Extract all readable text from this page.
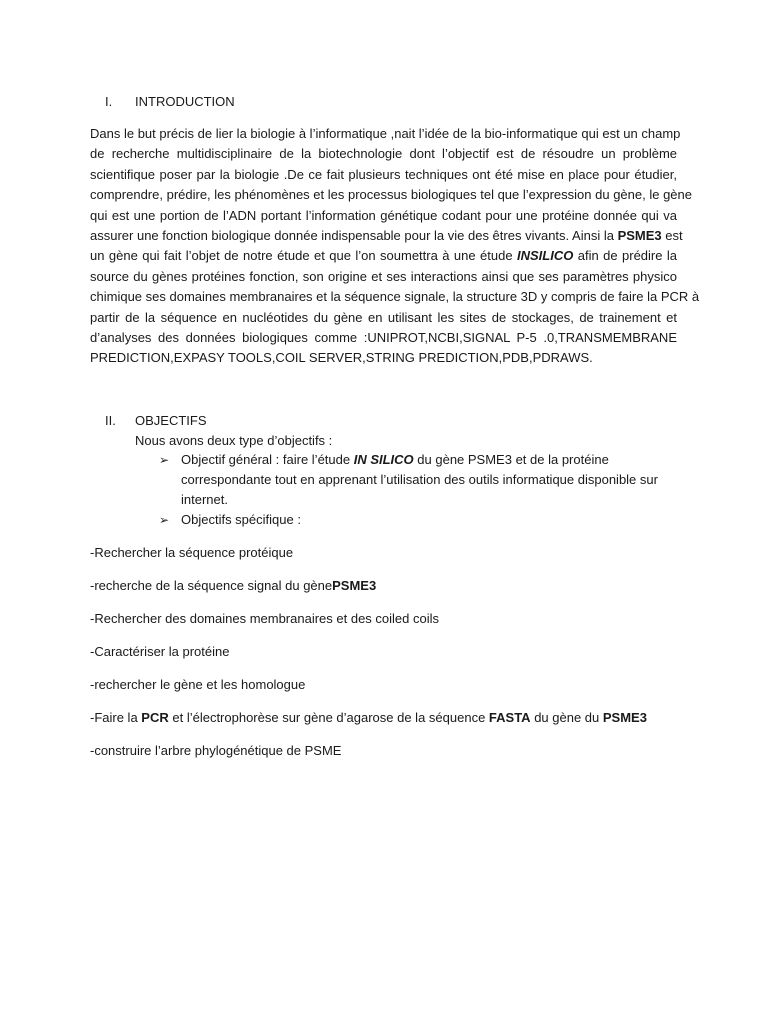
I. INTRODUCTION
Dans le but précis de lier la biologie à l’informatique ,nait l’idée de la bio-informatique qui est un champ
de recherche multidisciplinaire de la biotechnologie dont l’objectif est de résoudre un problème
scientifique poser par la biologie .De ce fait plusieurs techniques ont été mise en place pour étudier,
comprendre, prédire, les phénomènes et les processus biologiques tel que l’expression du gène, le gène
qui est une portion de l’ADN portant l’information génétique codant pour une protéine donnée qui va
assurer une fonction biologique donnée indispensable pour la vie des êtres vivants. Ainsi la PSME3 est
un gène qui fait l’objet de notre étude et que l’on soumettra à une étude INSILICO afin de prédire la
source du gènes protéines fonction, son origine et ses interactions ainsi que ses paramètres physico
chimique ses domaines membranaires et la séquence signale, la structure 3D y compris de faire la PCR à
partir de la séquence en nucléotides du gène en utilisant les sites de stockages, de trainement et
d’analyses des données biologiques comme :UNIPROT,NCBI,SIGNAL P-5 .0,TRANSMEMBRANE
PREDICTION,EXPASY TOOLS,COIL SERVER,STRING PREDICTION,PDB,PDRAWS.
II. OBJECTIFS
Nous avons deux type d’objectifs :
➢ Objectif général : faire l’étude IN SILICO du gène PSME3 et de la protéine correspondante tout en apprenant l’utilisation des outils informatique disponible sur internet.
➢ Objectifs spécifique :
-Rechercher la séquence protéique
-recherche de la séquence signal du gènePSME3
-Rechercher des domaines membranaires et des coiled coils
-Caractériser la protéine
-rechercher le gène et les homologue
-Faire la PCR et l’électrophorèse sur gène d’agarose de la séquence FASTA du gène du PSME3
-construire l’arbre phylogénétique de PSME
